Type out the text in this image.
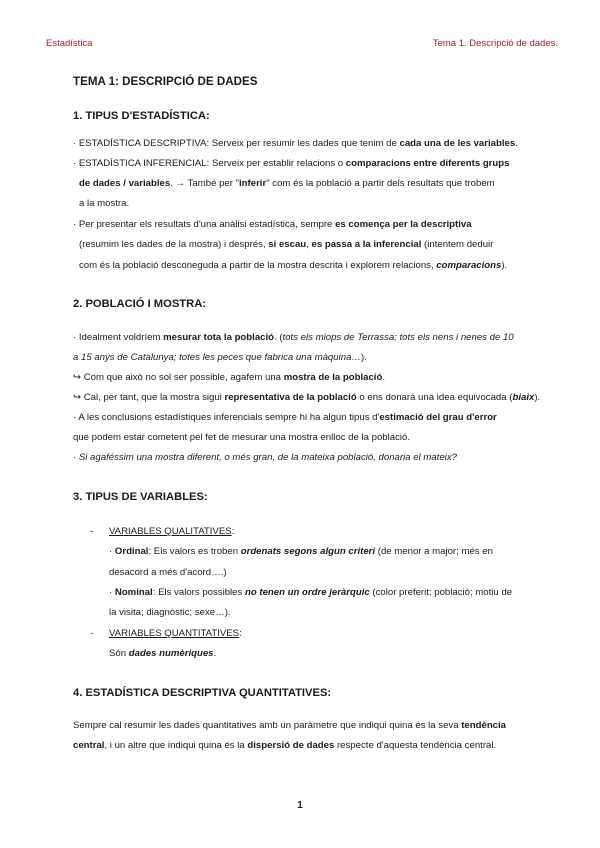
Estadística	Tema 1. Descripció de dades.
TEMA 1: DESCRIPCIÓ DE DADES
1. TIPUS D'ESTADÍSTICA:
· ESTADÍSTICA DESCRIPTIVA: Serveix per resumir les dades que tenim de cada una de les variables.
· ESTADÍSTICA INFERENCIAL: Serveix per establir relacions o comparacions entre diferents grups
de dades / variables. → També per "inferir" com és la població a partir dels resultats que trobem
a la mostra.
· Per presentar els resultats d'una anàlisi estadística, sempre es comença per la descriptiva
(resumim les dades de la mostra) i després, si escau, es passa a la inferencial (intentem deduir
com és la població desconeguda a partir de la mostra descrita i explorem relacions, comparacions).
2. POBLACIÓ I MOSTRA:
· Idealment voldríem mesurar tota la població. (tots els miops de Terrassa; tots els nens i nenes de 10
a 15 anys de Catalunya; totes les peces que fabrica una màquina…).
↪ Com que això no sol ser possible, agafem una mostra de la població.
↪ Cal, per tant, que la mostra sigui representativa de la població o ens donarà una idea equivocada (biaix).
· A les conclusions estadístiques inferencials sempre hi ha algun tipus d'estimació del grau d'error
que podem estar cometent pel fet de mesurar una mostra enlloc de la població.
· Si agaféssim una mostra diferent, o més gran, de la mateixa població, donaria el mateix?
3. TIPUS DE VARIABLES:
- VARIABLES QUALITATIVES:
· Ordinal: Els valors es troben ordenats segons algun criteri (de menor a major; més en
desacord a més d'acord….)
· Nominal: Els valors possibles no tenen un ordre jeràrquic (color preferit; població; motiu de
la visita; diagnòstic; sexe…).
- VARIABLES QUANTITATIVES:
Són dades numèriques.
4. ESTADÍSTICA DESCRIPTIVA QUANTITATIVES:
Sempre cal resumir les dades quantitatives amb un paràmetre que indiqui quina és la seva tendència
central, i un altre que indiqui quina és la dispersió de dades respecte d'aquesta tendència central.
1
